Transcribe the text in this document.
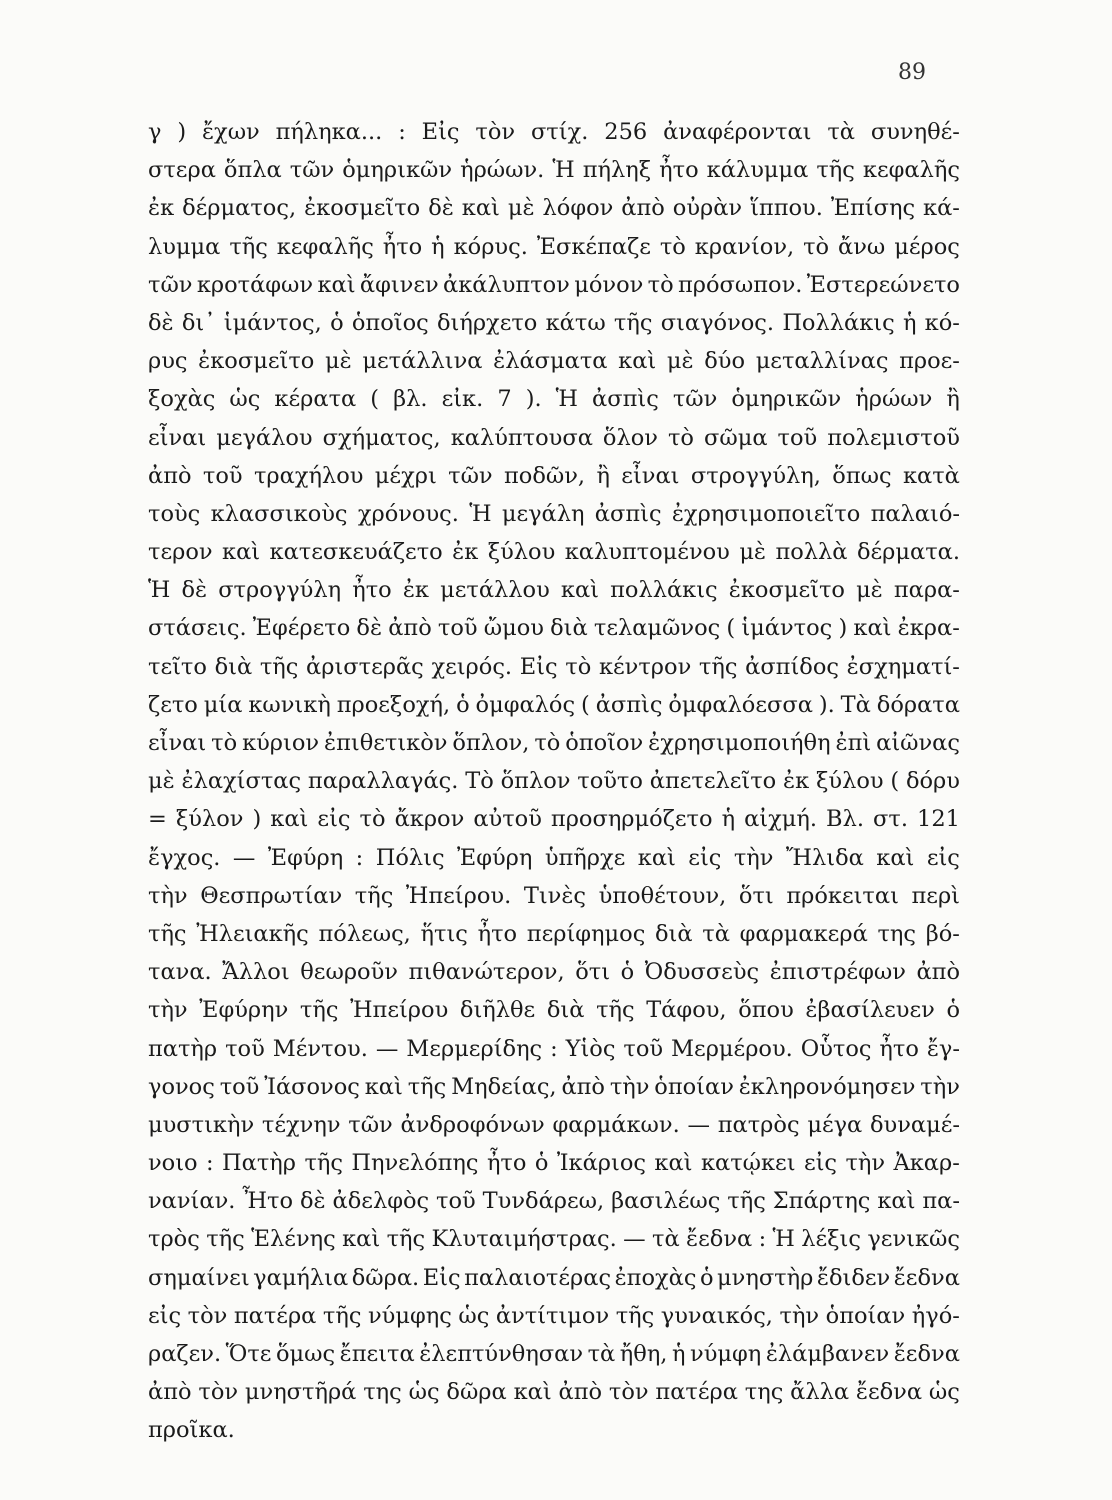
89
γ ) ἔχων πήληκα... : Εἰς τὸν στίχ. 256 ἀναφέρονται τὰ συνηθέ-
στερα ὅπλα τῶν ὁμηρικῶν ἡρώων. Ἡ πήληξ ἦτο κάλυμμα τῆς κεφαλῆς
ἐκ δέρματος, ἐκοσμεῖτο δὲ καὶ μὲ λόφον ἀπὸ οὐρὰν ἵππου. Ἐπίσης κά-
λυμμα τῆς κεφαλῆς ἦτο ἡ κόρυς. Ἐσκέπαζε τὸ κρανίον, τὸ ἄνω μέρος
τῶν κροτάφων καὶ ἄφινεν ἀκάλυπτον μόνον τὸ πρόσωπον. Ἐστερεώνετο
δὲ δι᾽ ἱμάντος, ὁ ὁποῖος διήρχετο κάτω τῆς σιαγόνος. Πολλάκις ἡ κό-
ρυς ἐκοσμεῖτο μὲ μετάλλινα ἐλάσματα καὶ μὲ δύο μεταλλίνας προε-
ξοχὰς ὡς κέρατα ( βλ. εἰκ. 7 ). Ἡ ἀσπὶς τῶν ὁμηρικῶν ἡρώων ἢ
εἶναι μεγάλου σχήματος, καλύπτουσα ὅλον τὸ σῶμα τοῦ πολεμιστοῦ
ἀπὸ τοῦ τραχήλου μέχρι τῶν ποδῶν, ἢ εἶναι στρογγύλη, ὅπως κατὰ
τοὺς κλασσικοὺς χρόνους. Ἡ μεγάλη ἀσπὶς ἐχρησιμοποιεῖτο παλαιό-
τερον καὶ κατεσκευάζετο ἐκ ξύλου καλυπτομένου μὲ πολλὰ δέρματα.
Ἡ δὲ στρογγύλη ἦτο ἐκ μετάλλου καὶ πολλάκις ἐκοσμεῖτο μὲ παρα-
στάσεις. Ἐφέρετο δὲ ἀπὸ τοῦ ὤμου διὰ τελαμῶνος ( ἱμάντος ) καὶ ἐκρα-
τεῖτο διὰ τῆς ἀριστερᾶς χειρός. Εἰς τὸ κέντρον τῆς ἀσπίδος ἐσχηματί-
ζετο μία κωνικὴ προεξοχή, ὁ ὀμφαλός ( ἀσπὶς ὀμφαλόεσσα ). Τὰ δόρατα
εἶναι τὸ κύριον ἐπιθετικὸν ὅπλον, τὸ ὁποῖον ἐχρησιμοποιήθη ἐπὶ αἰῶνας
μὲ ἐλαχίστας παραλλαγάς. Τὸ ὅπλον τοῦτο ἀπετελεῖτο ἐκ ξύλου ( δόρυ
= ξύλον ) καὶ εἰς τὸ ἄκρον αὐτοῦ προσηρμόζετο ἡ αἰχμή. Βλ. στ. 121
ἔγχος. — Ἐφύρη : Πόλις Ἐφύρη ὑπῆρχε καὶ εἰς τὴν Ἤλιδα καὶ εἰς
τὴν Θεσπρωτίαν τῆς Ἠπείρου. Τινὲς ὑποθέτουν, ὅτι πρόκειται περὶ
τῆς Ἠλειακῆς πόλεως, ἥτις ἦτο περίφημος διὰ τὰ φαρμακερά της βό-
τανα. Ἄλλοι θεωροῦν πιθανώτερον, ὅτι ὁ Ὀδυσσεὺς ἐπιστρέφων ἀπὸ
τὴν Ἐφύρην τῆς Ἠπείρου διῆλθε διὰ τῆς Τάφου, ὅπου ἐβασίλευεν ὁ
πατὴρ τοῦ Μέντου. — Μερμερίδης : Υἱὸς τοῦ Μερμέρου. Οὗτος ἦτο ἔγ-
γονος τοῦ Ἰάσονος καὶ τῆς Μηδείας, ἀπὸ τὴν ὁποίαν ἐκληρονόμησεν τὴν
μυστικὴν τέχνην τῶν ἀνδροφόνων φαρμάκων. — πατρὸς μέγα δυναμέ-
νοιο : Πατὴρ τῆς Πηνελόπης ἦτο ὁ Ἰκάριος καὶ κατῴκει εἰς τὴν Ἀκαρ-
νανίαν. Ἦτο δὲ ἀδελφὸς τοῦ Τυνδάρεω, βασιλέως τῆς Σπάρτης καὶ πα-
τρὸς τῆς Ἑλένης καὶ τῆς Κλυταιμήστρας. — τὰ ἔεδνα : Ἡ λέξις γενικῶς
σημαίνει γαμήλια δῶρα. Εἰς παλαιοτέρας ἐποχὰς ὁ μνηστὴρ ἔδιδεν ἔεδνα
εἰς τὸν πατέρα τῆς νύμφης ὡς ἀντίτιμον τῆς γυναικός, τὴν ὁποίαν ἠγό-
ραζεν. Ὅτε ὅμως ἔπειτα ἐλεπτύνθησαν τὰ ἤθη, ἡ νύμφη ἐλάμβανεν ἔεδνα
ἀπὸ τὸν μνηστῆρά της ὡς δῶρα καὶ ἀπὸ τὸν πατέρα της ἄλλα ἔεδνα ὡς
προῖκα.
